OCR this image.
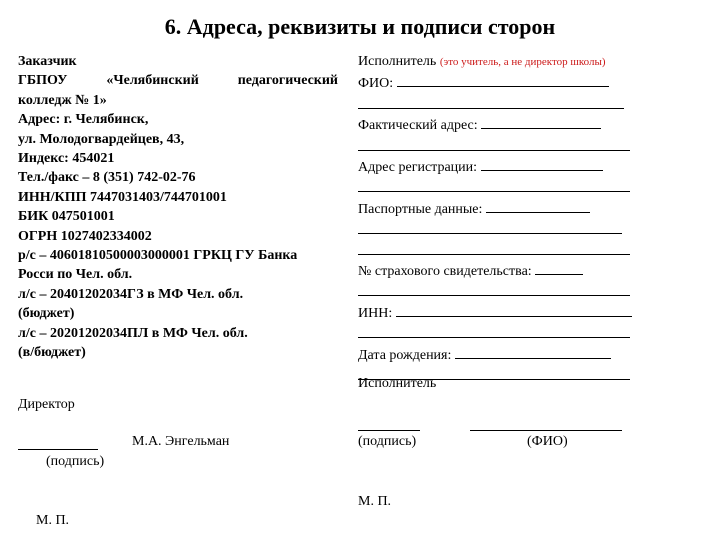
6. Адреса, реквизиты и подписи сторон
Заказчик
ГБПОУ	«Челябинский	педагогический
колледж № 1»
Адрес: г. Челябинск,
ул. Молодогвардейцев, 43,
Индекс: 454021
Тел./факс – 8 (351) 742-02-76
ИНН/КПП 7447031403/744701001
БИК 047501001
ОГРН 1027402334002
р/с – 40601810500003000001 ГРКЦ ГУ Банка
Росси по Чел. обл.
л/с – 20401202034ГЗ в МФ Чел. обл.
(бюджет)
л/с – 20201202034ПЛ в МФ Чел. обл.
(в/бюджет)
Исполнитель (это учитель, а не директор школы)
ФИО:
Фактический адрес:
Адрес регистрации:
Паспортные данные:
№ страхового свидетельства:
ИНН:
Дата рождения:
Исполнитель
Директор
М.А. Энгельман
(подпись)
М. П.
(подпись)	(ФИО)
М. П.
